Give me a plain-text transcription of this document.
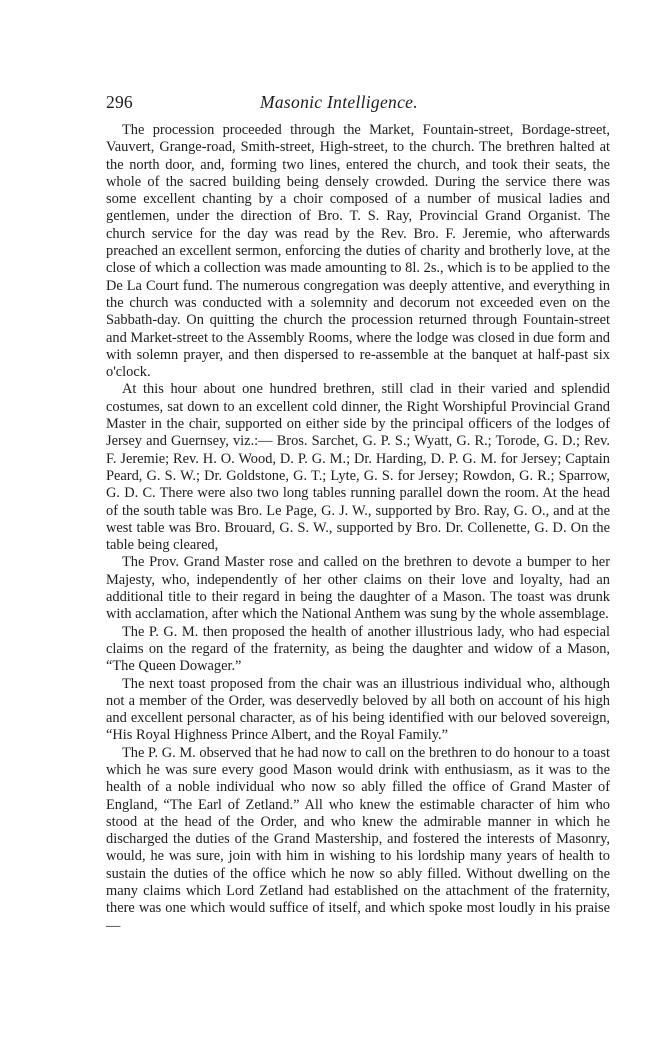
296	Masonic Intelligence.

The procession proceeded through the Market, Fountain-street, Bordage-street, Vauvert, Grange-road, Smith-street, High-street, to the church. The brethren halted at the north door, and, forming two lines, entered the church, and took their seats, the whole of the sacred building being densely crowded. During the service there was some excellent chanting by a choir composed of a number of musical ladies and gentlemen, under the direction of Bro. T. S. Ray, Provincial Grand Organist. The church service for the day was read by the Rev. Bro. F. Jeremie, who afterwards preached an excellent sermon, enforcing the duties of charity and brotherly love, at the close of which a collection was made amounting to 8l. 2s., which is to be applied to the De La Court fund. The numerous congregation was deeply attentive, and everything in the church was conducted with a solemnity and decorum not exceeded even on the Sabbath-day. On quitting the church the procession returned through Fountain-street and Market-street to the Assembly Rooms, where the lodge was closed in due form and with solemn prayer, and then dispersed to re-assemble at the banquet at half-past six o'clock.

At this hour about one hundred brethren, still clad in their varied and splendid costumes, sat down to an excellent cold dinner, the Right Worshipful Provincial Grand Master in the chair, supported on either side by the principal officers of the lodges of Jersey and Guernsey, viz.:— Bros. Sarchet, G. P. S.; Wyatt, G. R.; Torode, G. D.; Rev. F. Jeremie; Rev. H. O. Wood, D. P. G. M.; Dr. Harding, D. P. G. M. for Jersey; Captain Peard, G. S. W.; Dr. Goldstone, G. T.; Lyte, G. S. for Jersey; Rowdon, G. R.; Sparrow, G. D. C. There were also two long tables running parallel down the room. At the head of the south table was Bro. Le Page, G. J. W., supported by Bro. Ray, G. O., and at the west table was Bro. Brouard, G. S. W., supported by Bro. Dr. Collenette, G. D. On the table being cleared,

The Prov. Grand Master rose and called on the brethren to devote a bumper to her Majesty, who, independently of her other claims on their love and loyalty, had an additional title to their regard in being the daughter of a Mason. The toast was drunk with acclamation, after which the National Anthem was sung by the whole assemblage.

The P. G. M. then proposed the health of another illustrious lady, who had especial claims on the regard of the fraternity, as being the daughter and widow of a Mason, “The Queen Dowager.”

The next toast proposed from the chair was an illustrious individual who, although not a member of the Order, was deservedly beloved by all both on account of his high and excellent personal character, as of his being identified with our beloved sovereign, “His Royal Highness Prince Albert, and the Royal Family.”

The P. G. M. observed that he had now to call on the brethren to do honour to a toast which he was sure every good Mason would drink with enthusiasm, as it was to the health of a noble individual who now so ably filled the office of Grand Master of England, “The Earl of Zetland.” All who knew the estimable character of him who stood at the head of the Order, and who knew the admirable manner in which he discharged the duties of the Grand Mastership, and fostered the interests of Masonry, would, he was sure, join with him in wishing to his lordship many years of health to sustain the duties of the office which he now so ably filled. Without dwelling on the many claims which Lord Zetland had established on the attachment of the fraternity, there was one which would suffice of itself, and which spoke most loudly in his praise—
